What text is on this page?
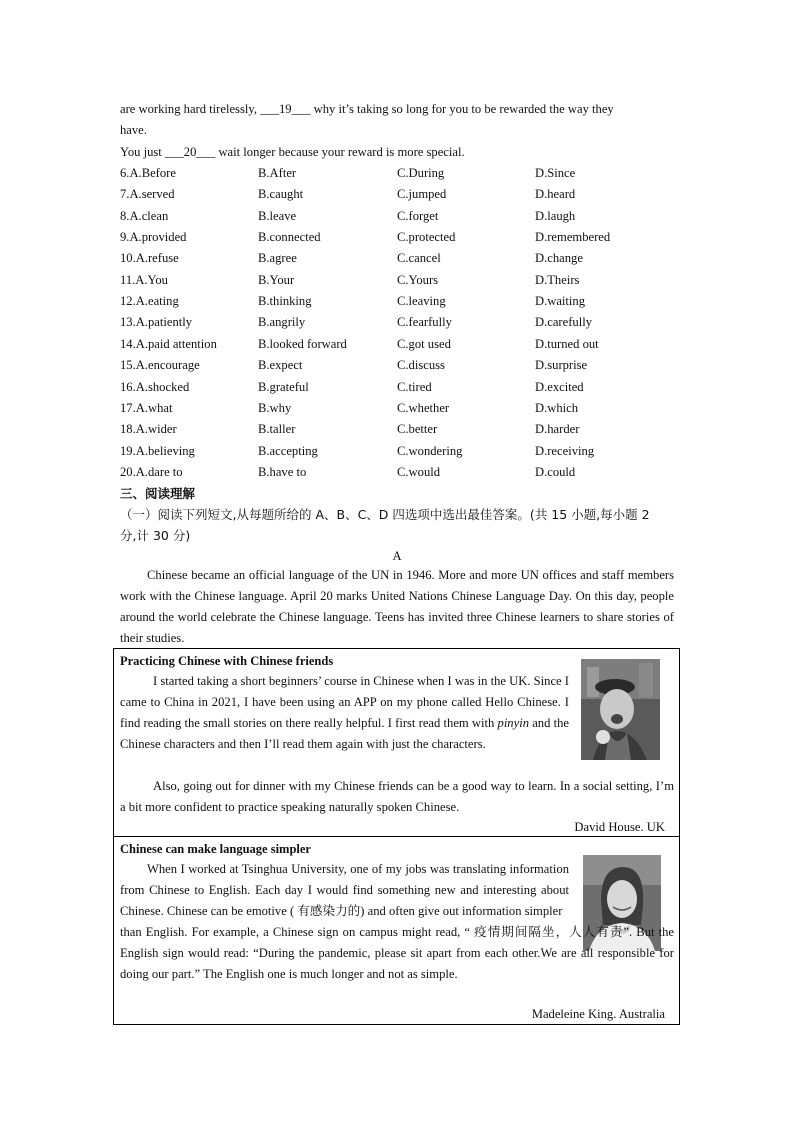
are working hard tirelessly, ___19___ why it’s taking so long for you to be rewarded the way they
have.
You just ___20___ wait longer because your reward is more special.
6.A.Before	B.After	C.During	D.Since
7.A.served	B.caught	C.jumped	D.heard
8.A.clean	B.leave	C.forget	D.laugh
9.A.provided	B.connected	C.protected	D.remembered
10.A.refuse	B.agree	C.cancel	D.change
11.A.You	B.Your	C.Yours	D.Theirs
12.A.eating	B.thinking	C.leaving	D.waiting
13.A.patiently	B.angrily	C.fearfully	D.carefully
14.A.paid attention	B.looked forward	C.got used	D.turned out
15.A.encourage	B.expect	C.discuss	D.surprise
16.A.shocked	B.grateful	C.tired	D.excited
17.A.what	B.why	C.whether	D.which
18.A.wider	B.taller	C.better	D.harder
19.A.believing	B.accepting	C.wondering	D.receiving
20.A.dare to	B.have to	C.would	D.could
三、阅读理解
（一）阅读下列短文,从每题所给的 A、B、C、D 四选项中选出最佳答案。(共 15 小题,每小题 2
分,计 30 分)
A
Chinese became an official language of the UN in 1946. More and more UN offices and staff members work with the Chinese language. April 20 marks United Nations Chinese Language Day. On this day, people around the world celebrate the Chinese language. Teens has invited three Chinese learners to share stories of their studies.
Practicing Chinese with Chinese friends
I started taking a short beginners’ course in Chinese when I was in the UK. Since I came to China in 2021, I have been using an APP on my phone called Hello Chinese. I find reading the small stories on there really helpful. I first read them with pinyin and the Chinese characters and then I’ll read them again with just the characters.
Also, going out for dinner with my Chinese friends can be a good way to learn. In a social setting, I’m a bit more confident to practice speaking naturally spoken Chinese.
David House. UK
Chinese can make language simpler
When I worked at Tsinghua University, one of my jobs was translating information from Chinese to English. Each day I would find something new and interesting about Chinese. Chinese can be emotive ( 有感染力的) and often give out information simpler
than English. For example, a Chinese sign on campus might read, “ 疫情期间隔坐，人人有责”. But the English sign would read: “During the pandemic, please sit apart from each other.We are all responsible for doing our part.” The English one is much longer and not as simple.
Madeleine King. Australia
